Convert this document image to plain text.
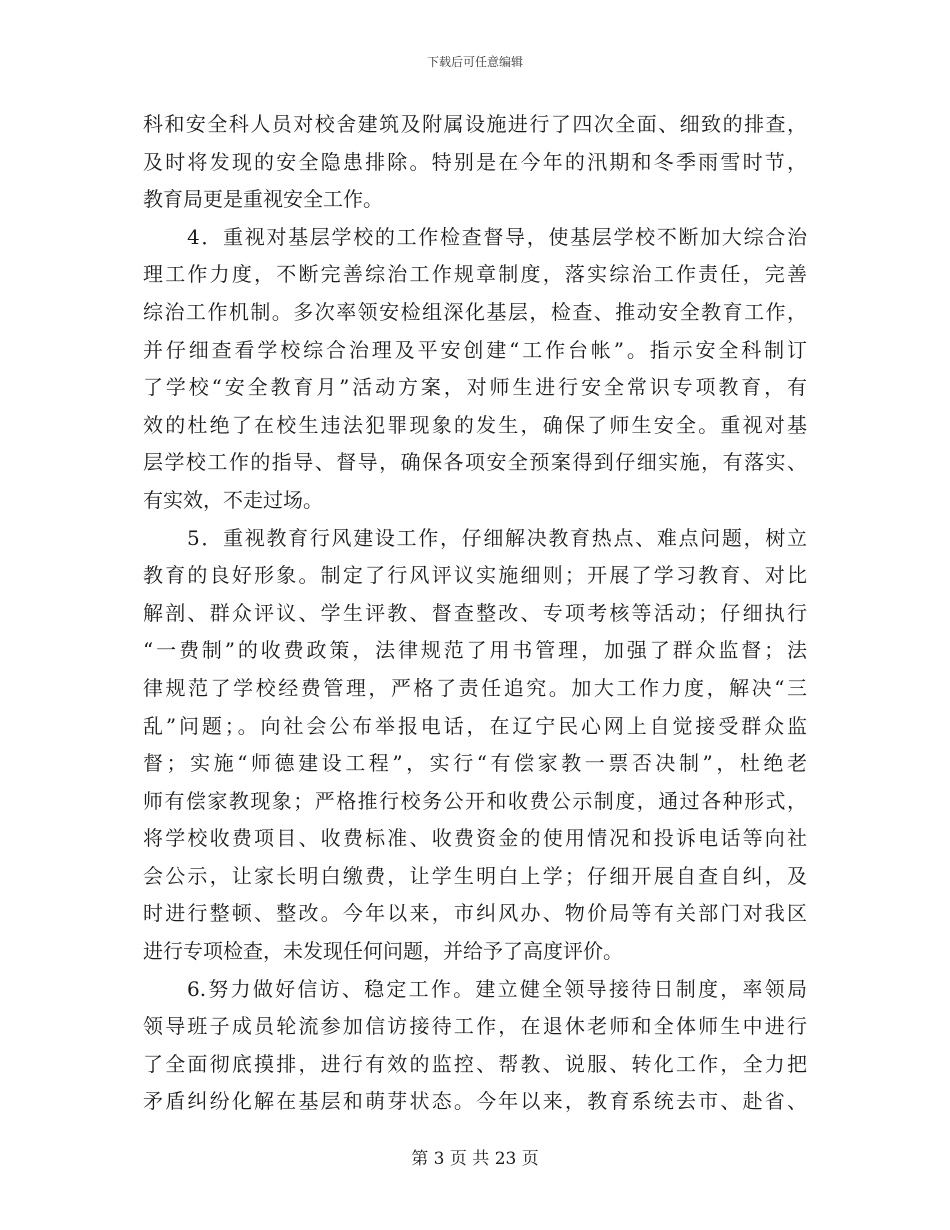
下载后可任意编辑
科和安全科人员对校舍建筑及附属设施进行了四次全面、细致的排查，
及时将发现的安全隐患排除。特别是在今年的汛期和冬季雨雪时节，
教育局更是重视安全工作。
4．重视对基层学校的工作检查督导，使基层学校不断加大综合治
理工作力度，不断完善综治工作规章制度，落实综治工作责任，完善
综治工作机制。多次率领安检组深化基层，检查、推动安全教育工作，
并仔细查看学校综合治理及平安创建“工作台帐”。指示安全科制订
了学校“安全教育月”活动方案，对师生进行安全常识专项教育，有
效的杜绝了在校生违法犯罪现象的发生，确保了师生安全。重视对基
层学校工作的指导、督导，确保各项安全预案得到仔细实施，有落实、
有实效，不走过场。
5．重视教育行风建设工作，仔细解决教育热点、难点问题，树立
教育的良好形象。制定了行风评议实施细则；开展了学习教育、对比
解剖、群众评议、学生评教、督查整改、专项考核等活动；仔细执行
“一费制”的收费政策，法律规范了用书管理，加强了群众监督；法
律规范了学校经费管理，严格了责任追究。加大工作力度，解决“三
乱”问题；。向社会公布举报电话，在辽宁民心网上自觉接受群众监
督；实施“师德建设工程”，实行“有偿家教一票否决制”，杜绝老
师有偿家教现象；严格推行校务公开和收费公示制度，通过各种形式，
将学校收费项目、收费标准、收费资金的使用情况和投诉电话等向社
会公示，让家长明白缴费，让学生明白上学；仔细开展自查自纠，及
时进行整顿、整改。今年以来，市纠风办、物价局等有关部门对我区
进行专项检查，未发现任何问题，并给予了高度评价。
6.努力做好信访、稳定工作。建立健全领导接待日制度，率领局
领导班子成员轮流参加信访接待工作，在退休老师和全体师生中进行
了全面彻底摸排，进行有效的监控、帮教、说服、转化工作，全力把
矛盾纠纷化解在基层和萌芽状态。今年以来，教育系统去市、赴省、
第 3 页 共 23 页
